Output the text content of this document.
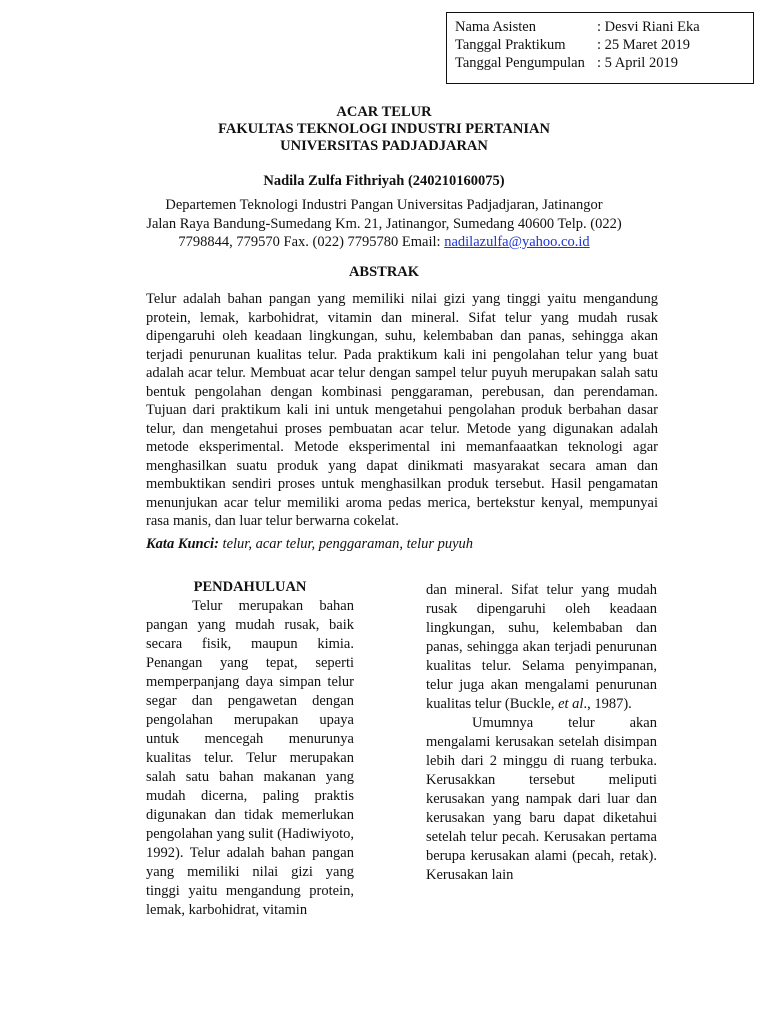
Nama Asisten	: Desvi Riani Eka
Tanggal Praktikum	: 25 Maret 2019
Tanggal Pengumpulan : 5 April 2019
ACAR TELUR
FAKULTAS TEKNOLOGI INDUSTRI PERTANIAN
UNIVERSITAS PADJADJARAN
Nadila Zulfa Fithriyah (240210160075)
Departemen Teknologi Industri Pangan Universitas Padjadjaran, Jatinangor
Jalan Raya Bandung-Sumedang Km. 21, Jatinangor, Sumedang 40600 Telp. (022)
7798844, 779570 Fax. (022) 7795780 Email: nadilazulfa@yahoo.co.id
ABSTRAK

Telur adalah bahan pangan yang memiliki nilai gizi yang tinggi yaitu mengandung protein, lemak, karbohidrat, vitamin dan mineral. Sifat telur yang mudah rusak dipengaruhi oleh keadaan lingkungan, suhu, kelembaban dan panas, sehingga akan terjadi penurunan kualitas telur. Pada praktikum kali ini pengolahan telur yang buat adalah acar telur. Membuat acar telur dengan sampel telur puyuh merupakan salah satu bentuk pengolahan dengan kombinasi penggaraman, perebusan, dan perendaman. Tujuan dari praktikum kali ini untuk mengetahui pengolahan produk berbahan dasar telur, dan mengetahui proses pembuatan acar telur. Metode yang digunakan adalah metode eksperimental. Metode eksperimental ini memanfaaatkan teknologi agar menghasilkan suatu produk yang dapat dinikmati masyarakat secara aman dan membuktikan sendiri proses untuk menghasilkan produk tersebut. Hasil pengamatan menunjukan acar telur memiliki aroma pedas merica, bertekstur kenyal, mempunyai rasa manis, dan luar telur berwarna cokelat.

Kata Kunci: telur, acar telur, penggaraman, telur puyuh
PENDAHULUAN

Telur merupakan bahan pangan yang mudah rusak, baik secara fisik, maupun kimia. Penangan yang tepat, seperti memperpanjang daya simpan telur segar dan pengawetan dengan pengolahan merupakan upaya untuk mencegah menurunya kualitas telur. Telur merupakan salah satu bahan makanan yang mudah dicerna, paling praktis digunakan dan tidak memerlukan pengolahan yang sulit (Hadiwiyoto, 1992). Telur adalah bahan pangan yang memiliki nilai gizi yang tinggi yaitu mengandung protein, lemak, karbohidrat, vitamin

dan mineral. Sifat telur yang mudah rusak dipengaruhi oleh keadaan lingkungan, suhu, kelembaban dan panas, sehingga akan terjadi penurunan kualitas telur. Selama penyimpanan, telur juga akan mengalami penurunan kualitas telur (Buckle, et al., 1987).

Umumnya telur akan mengalami kerusakan setelah disimpan lebih dari 2 minggu di ruang terbuka. Kerusakkan tersebut meliputi kerusakan yang nampak dari luar dan kerusakan yang baru dapat diketahui setelah telur pecah. Kerusakan pertama berupa kerusakan alami (pecah, retak). Kerusakan lain
